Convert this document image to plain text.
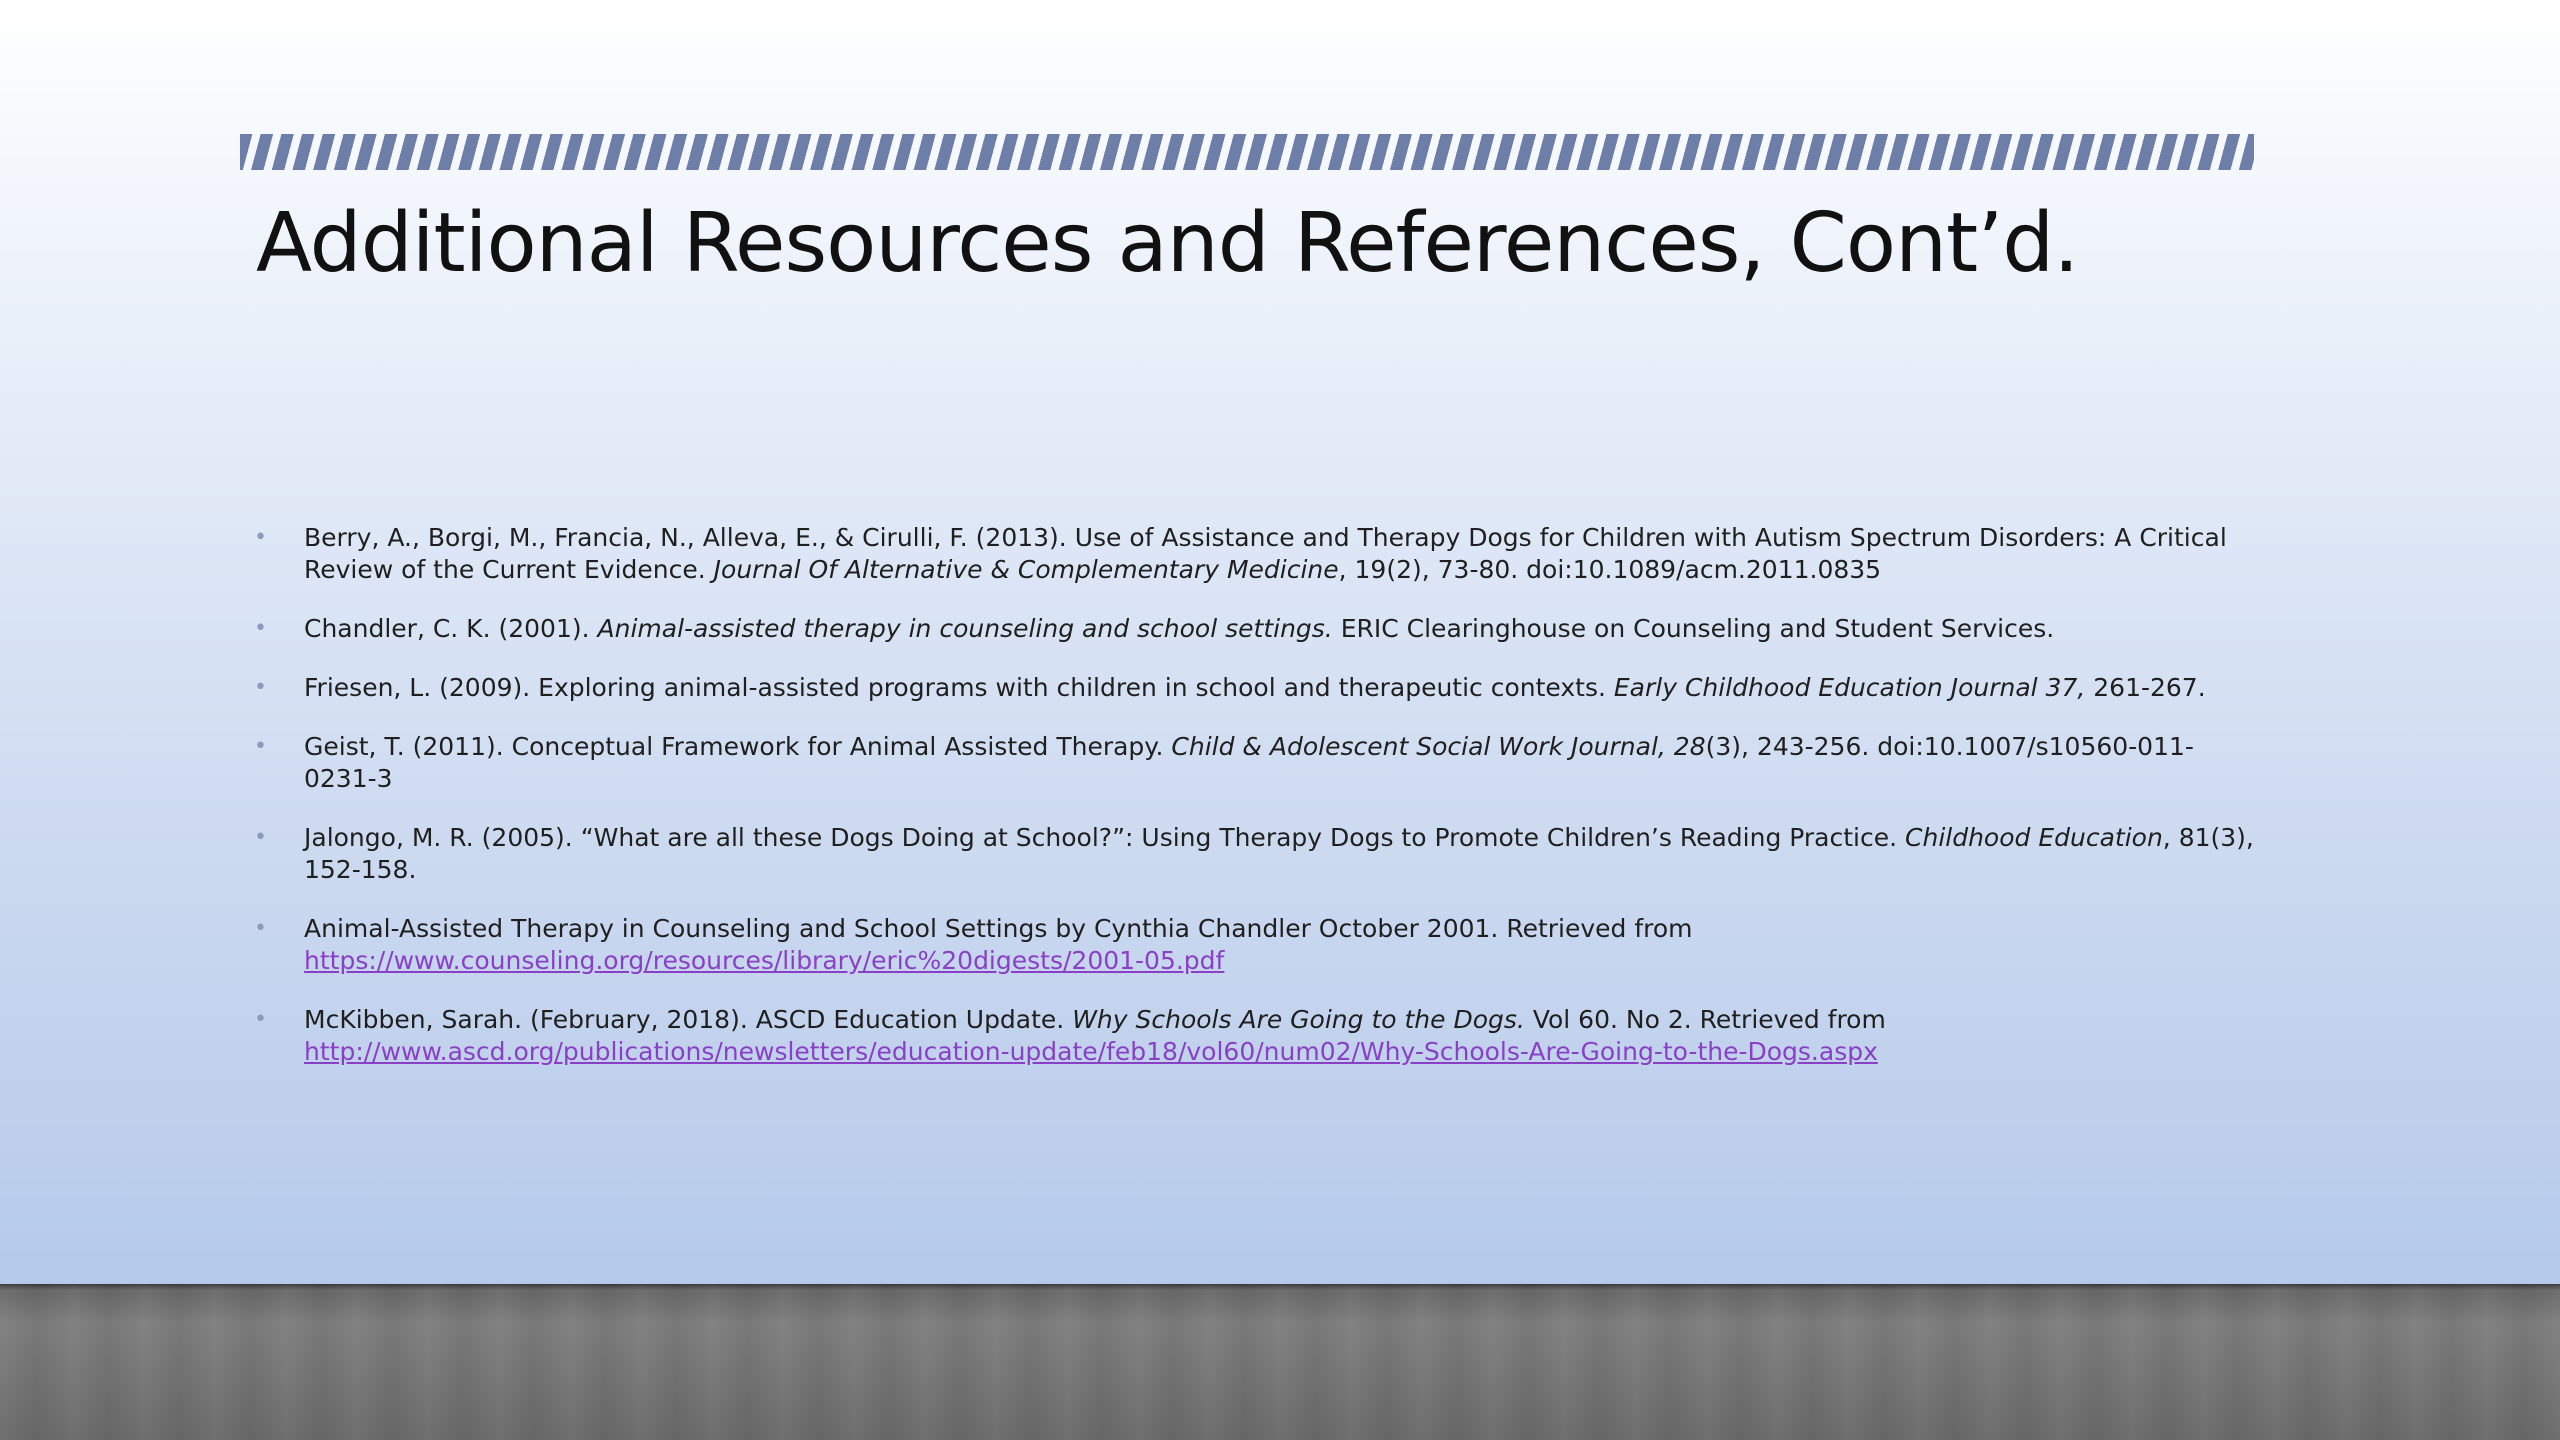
Additional Resources and References, Cont’d.
• Berry, A., Borgi, M., Francia, N., Alleva, E., & Cirulli, F. (2013). Use of Assistance and Therapy Dogs for Children with Autism Spectrum Disorders: A Critical Review of the Current Evidence. Journal Of Alternative & Complementary Medicine, 19(2), 73-80. doi:10.1089/acm.2011.0835
• Chandler, C. K. (2001). Animal-assisted therapy in counseling and school settings. ERIC Clearinghouse on Counseling and Student Services.
• Friesen, L. (2009). Exploring animal-assisted programs with children in school and therapeutic contexts. Early Childhood Education Journal 37, 261-267.
• Geist, T. (2011). Conceptual Framework for Animal Assisted Therapy. Child & Adolescent Social Work Journal, 28(3), 243-256. doi:10.1007/s10560-011-0231-3
• Jalongo, M. R. (2005). “What are all these Dogs Doing at School?”: Using Therapy Dogs to Promote Children’s Reading Practice. Childhood Education, 81(3), 152-158.
• Animal-Assisted Therapy in Counseling and School Settings by Cynthia Chandler October 2001. Retrieved from
https://www.counseling.org/resources/library/eric%20digests/2001-05.pdf
• McKibben, Sarah. (February, 2018). ASCD Education Update. Why Schools Are Going to the Dogs. Vol 60. No 2. Retrieved from
http://www.ascd.org/publications/newsletters/education-update/feb18/vol60/num02/Why-Schools-Are-Going-to-the-Dogs.aspx
